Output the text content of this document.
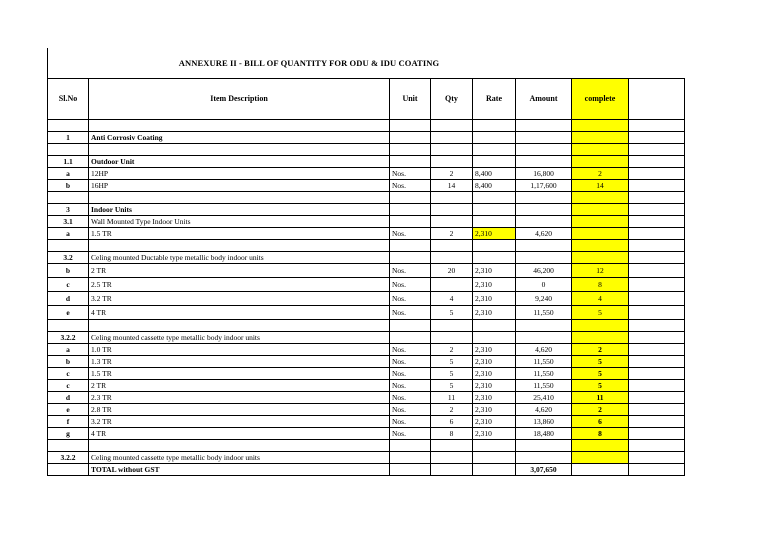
ANNEXURE II - BILL OF QUANTITY FOR ODU & IDU COATING
Sl.No	Item Description	Unit	Qty	Rate	Amount	complete	

1	Anti Corrosiv Coating						

1.1	Outdoor Unit						
a	12HP	Nos.	2	8,400	16,800	2	
b	16HP	Nos.	14	8,400	1,17,600	14	

3	Indoor Units						
3.1	Wall Mounted Type Indoor Units						
a	1.5 TR	Nos.	2	2,310	4,620		

3.2	Celing mounted Ductable type metallic body indoor units						
b	2 TR	Nos.	20	2,310	46,200	12	
c	2.5 TR	Nos.		2,310	0	8	
d	3.2 TR	Nos.	4	2,310	9,240	4	
e	4 TR	Nos.	5	2,310	11,550	5	

3.2.2	Celing mounted cassette type metallic body indoor units						
a	1.0 TR	Nos.	2	2,310	4,620	2	
b	1.3 TR	Nos.	5	2,310	11,550	5	
c	1.5 TR	Nos.	5	2,310	11,550	5	
c	2 TR	Nos.	5	2,310	11,550	5	
d	2.3 TR	Nos.	11	2,310	25,410	11	
e	2.8 TR	Nos.	2	2,310	4,620	2	
f	3.2 TR	Nos.	6	2,310	13,860	6	
g	4 TR	Nos.	8	2,310	18,480	8	

3.2.2	Celing mounted cassette type metallic body indoor units						
	TOTAL without GST				3,07,650		
